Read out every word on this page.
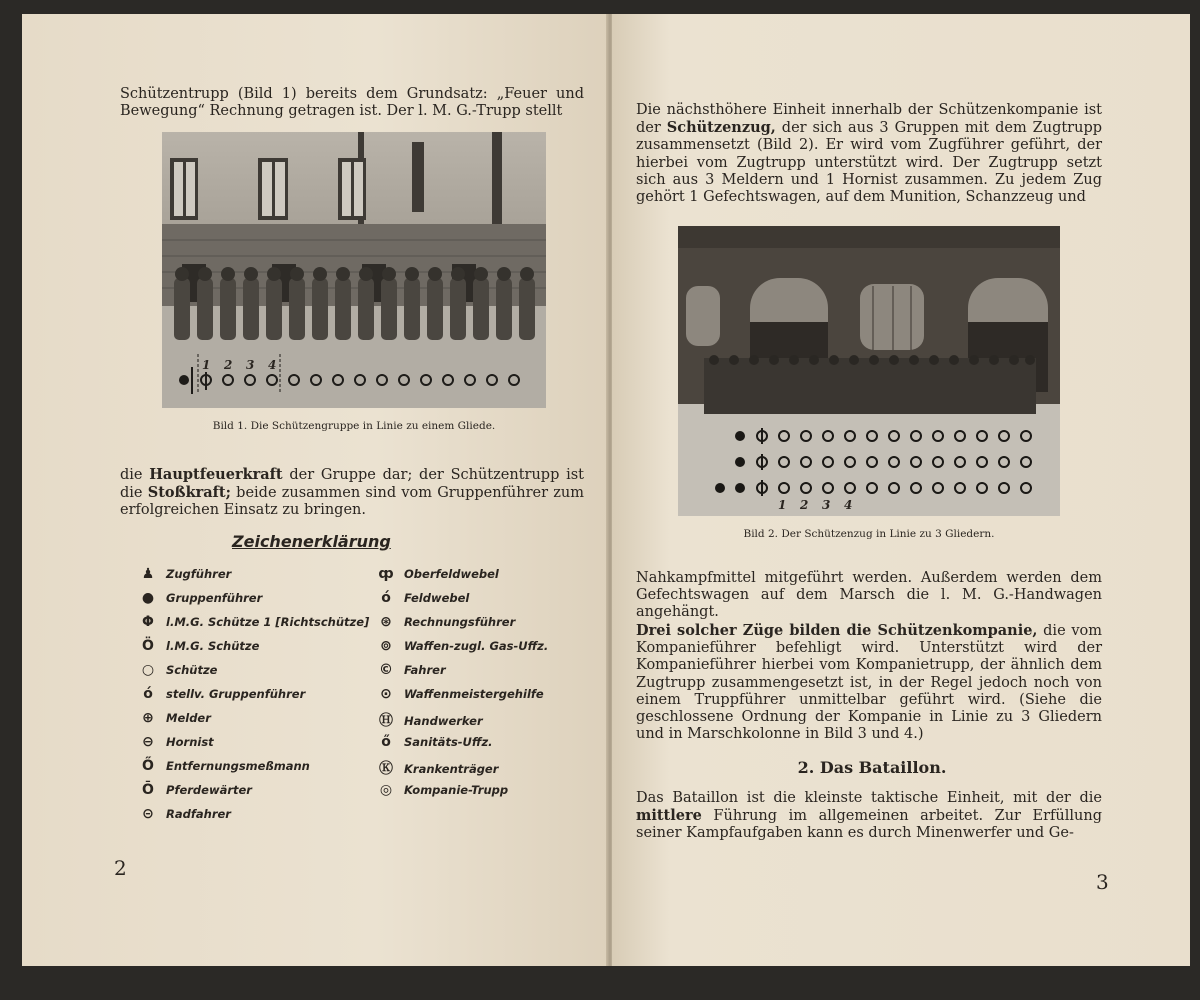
Schützentrupp (Bild 1) bereits dem Grundsatz: „Feuer und Bewegung“ Rechnung getragen ist. Der l. M. G.-Trupp stellt

1 2 3 4

Bild 1. Die Schützengruppe in Linie zu einem Gliede.

die Hauptfeuerkraft der Gruppe dar; der Schützentrupp ist die Stoßkraft; beide zusammen sind vom Gruppenführer zum erfolgreichen Einsatz zu bringen.

Zeichenerklärung

♟ Zugführer

● Gruppenführer

Φ l.M.G. Schütze 1 [Richtschütze]

Ö l.M.G. Schütze

○ Schütze

ó stellv. Gruppenführer

⊕ Melder

⊖ Hornist

Ő Entfernungsmeßmann

Ō Pferdewärter

⊝ Radfahrer

ȹ Oberfeldwebel

ó Feldwebel

⊛ Rechnungsführer

⊚ Waffen-zugl. Gas-Uffz.

© Fahrer

⊙ Waffenmeistergehilfe

Ⓗ Handwerker

ő Sanitäts-Uffz.

Ⓚ Krankenträger

◎ Kompanie-Trupp

2

Die nächsthöhere Einheit innerhalb der Schützenkompanie ist der Schützenzug, der sich aus 3 Gruppen mit dem Zugtrupp zusammensetzt (Bild 2). Er wird vom Zugführer geführt, der hierbei vom Zugtrupp unterstützt wird. Der Zugtrupp setzt sich aus 3 Meldern und 1 Hornist zusammen. Zu jedem Zug gehört 1 Gefechtswagen, auf dem Munition, Schanzzeug und

1 2 3 4

Bild 2. Der Schützenzug in Linie zu 3 Gliedern.

Nahkampfmittel mitgeführt werden. Außerdem werden dem Gefechtswagen auf dem Marsch die l. M. G.-Handwagen angehängt.

Drei solcher Züge bilden die Schützenkompanie, die vom Kompanieführer befehligt wird. Unterstützt wird der Kompanieführer hierbei vom Kompanietrupp, der ähnlich dem Zugtrupp zusammengesetzt ist, in der Regel jedoch noch von einem Truppführer unmittelbar geführt wird. (Siehe die geschlossene Ordnung der Kompanie in Linie zu 3 Gliedern und in Marschkolonne in Bild 3 und 4.)

2. Das Bataillon.

Das Bataillon ist die kleinste taktische Einheit, mit der die mittlere Führung im allgemeinen arbeitet. Zur Erfüllung seiner Kampfaufgaben kann es durch Minenwerfer und Ge-

3
